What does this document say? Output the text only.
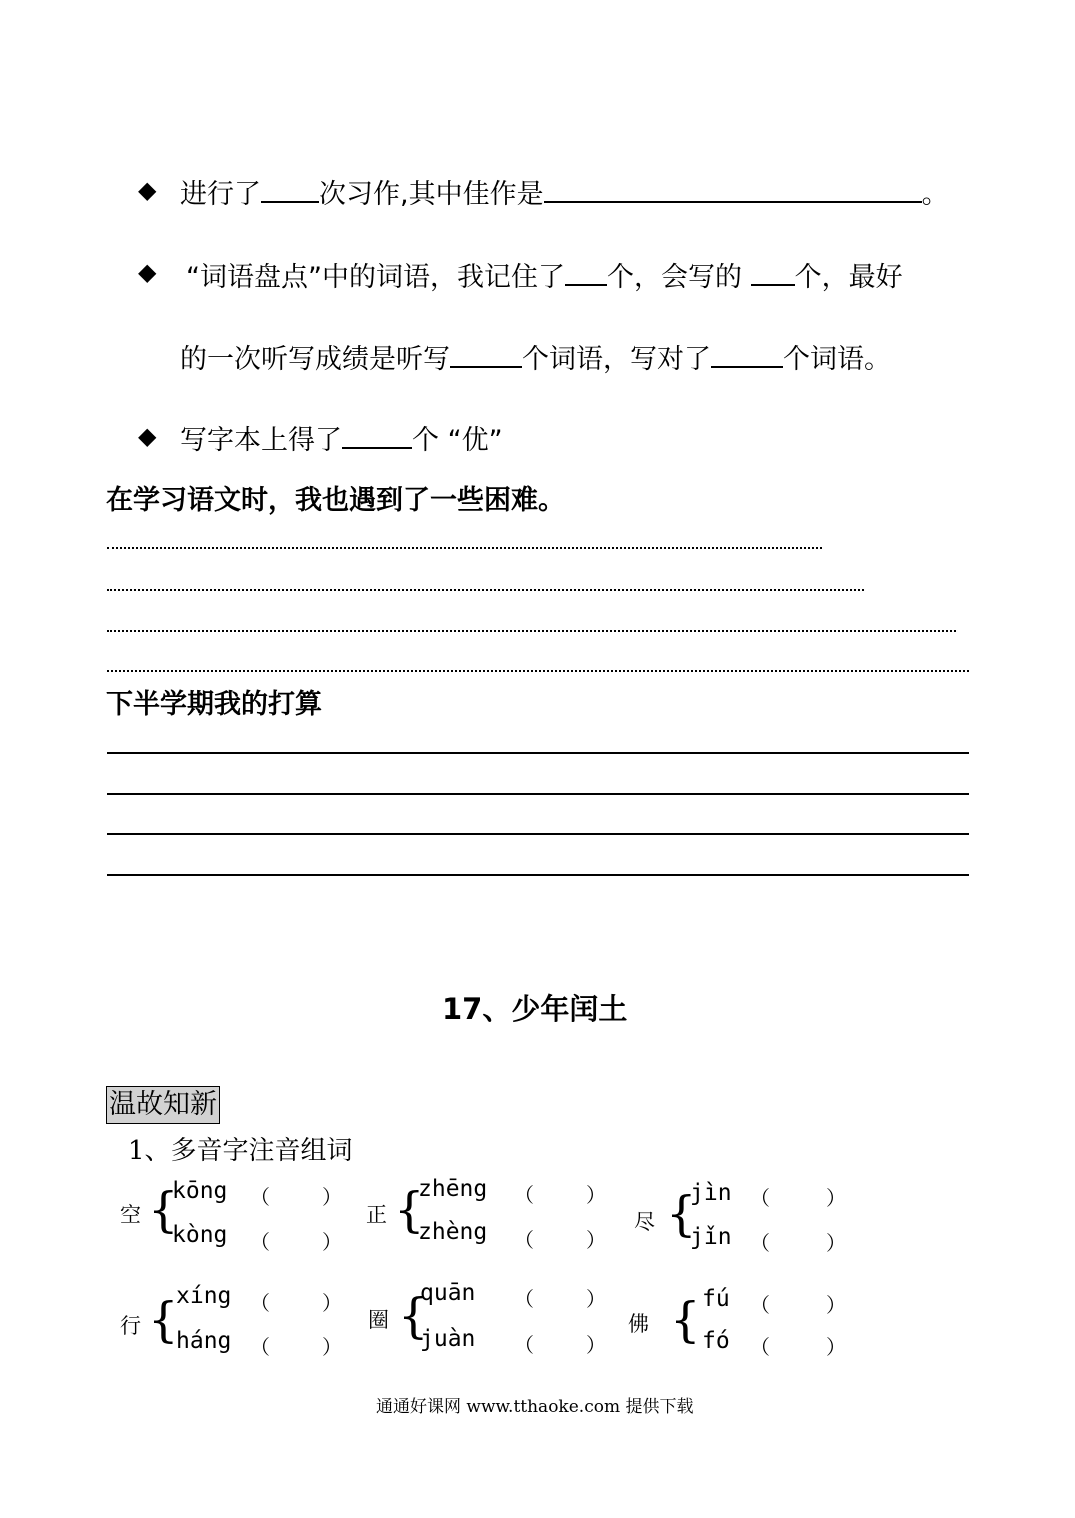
◆ 进行了 次习作,其中佳作是	。
◆ “词语盘点”中的词语，我记住了 个，会写的 个，最好
的一次听写成绩是听写	个词语，写对了	个词语。
◆ 写字本上得了	个 “优”
在学习语文时，我也遇到了一些困难。
下半学期我的打算
17、少年闰土
温故知新
1、多音字注音组词
空 {
kōng （	）
kòng （	）
正 {
zhēng （	）
zhèng （	）
尽 {
jìn （	）
jǐn （	）
行 {
xíng （	）
háng （	）
圈 {
quān （	）
juàn （	）
佛 { fú （	）
fó （	）
通通好课网 www.tthaoke.com 提供下载
